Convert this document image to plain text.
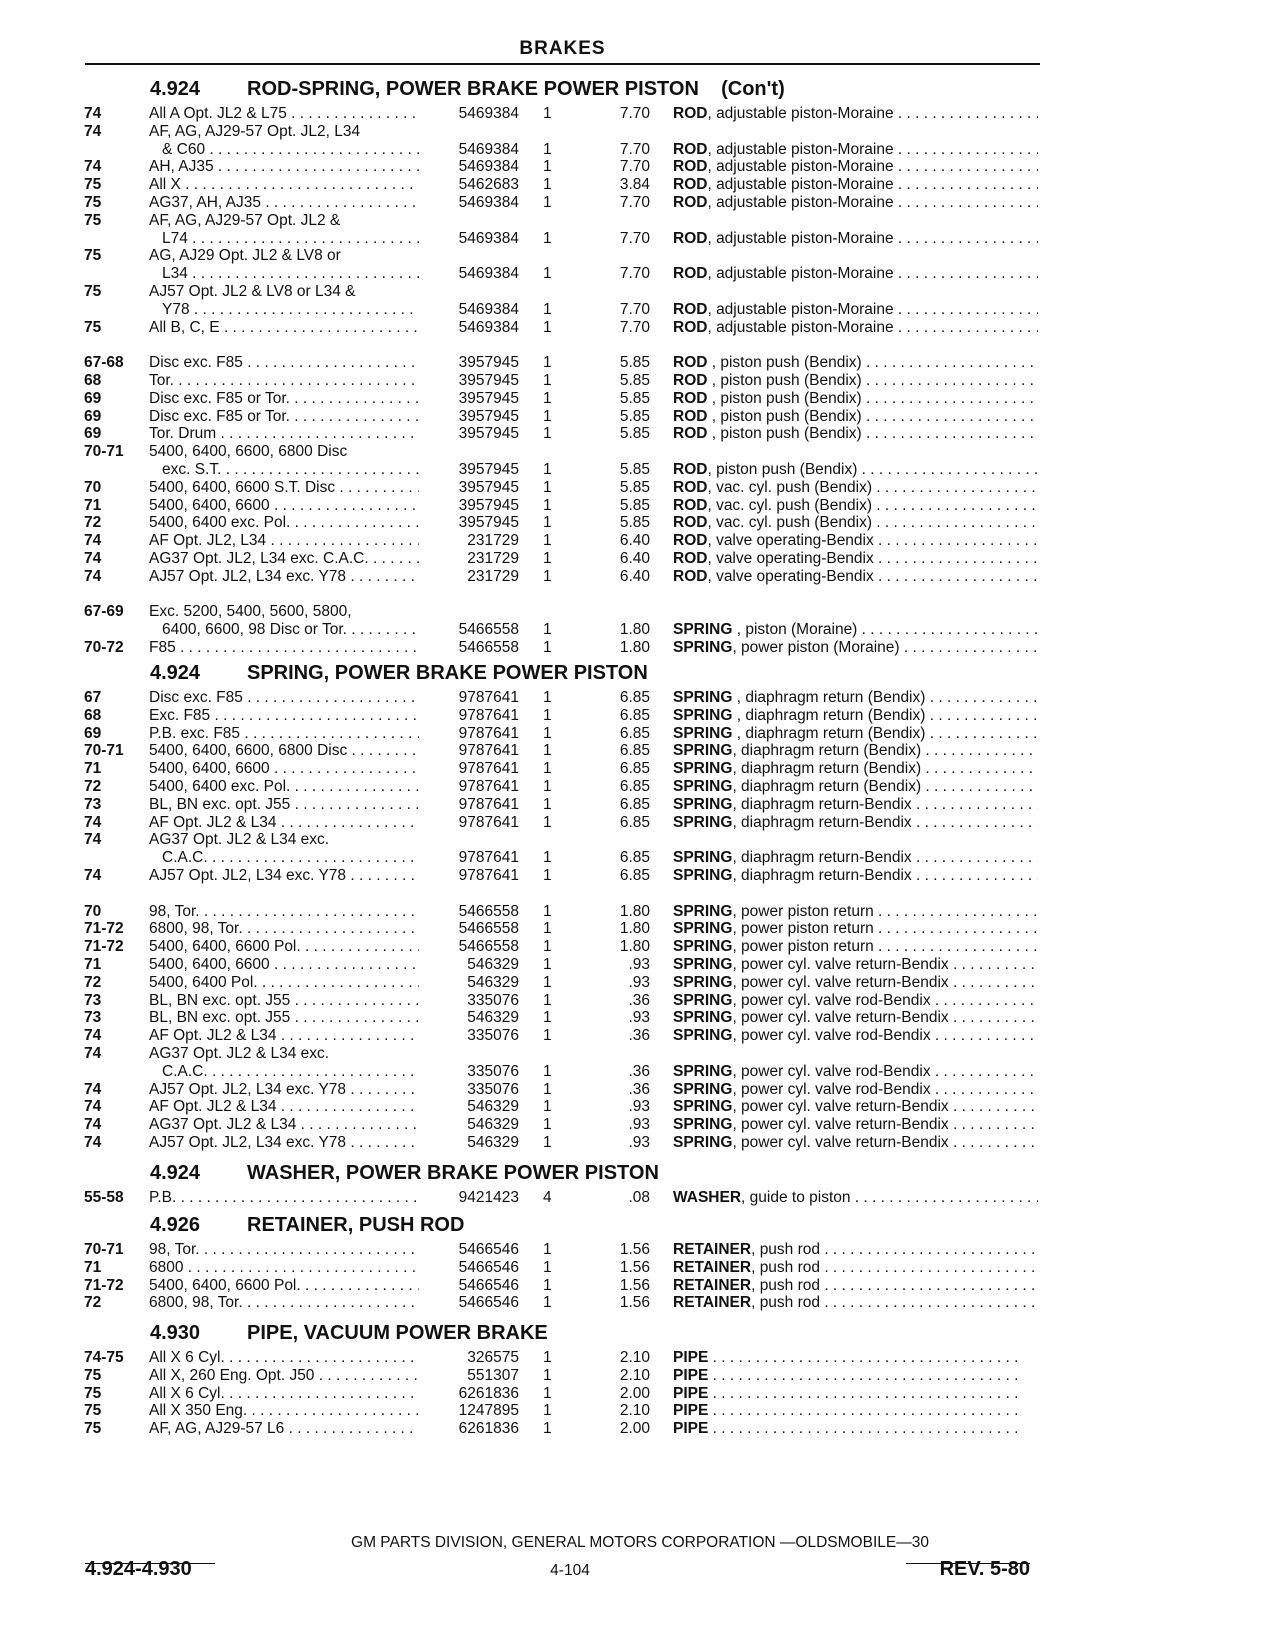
BRAKES
4.924 ROD-SPRING, POWER BRAKE POWER PISTON    (Con't)
74	All A Opt. JL2 & L75 . . .	5469384 1	7.70 ROD, adjustable piston-Moraine . . .
74	AF, AG, AJ29-57 Opt. JL2, L34
& C60 . . .	5469384 1	7.70 ROD, adjustable piston-Moraine . . .
74	AH, AJ35 . . .	5469384 1	7.70 ROD, adjustable piston-Moraine . . .
75	All X . . .	5462683 1	3.84 ROD, adjustable piston-Moraine . . .
75	AG37, AH, AJ35 . . .	5469384 1	7.70 ROD, adjustable piston-Moraine . . .
75	AF, AG, AJ29-57 Opt. JL2 &
L74 . . .	5469384 1	7.70 ROD, adjustable piston-Moraine . . .
75	AG, AJ29 Opt. JL2 & LV8 or
L34 . . .	5469384 1	7.70 ROD, adjustable piston-Moraine . . .
75	AJ57 Opt. JL2 & LV8 or L34 &
Y78 . . .	5469384 1	7.70 ROD, adjustable piston-Moraine . . .
75	All B, C, E . . .	5469384 1	7.70 ROD, adjustable piston-Moraine . . .
67-68 Disc exc. F85 . . .	3957945 1	5.85 ROD , piston push (Bendix) . . .
68	Tor. . . .	3957945 1	5.85 ROD , piston push (Bendix) . . .
69	Disc exc. F85 or Tor. . . .	3957945 1	5.85 ROD , piston push (Bendix) . . .
69	Disc exc. F85 or Tor. . . .	3957945 1	5.85 ROD , piston push (Bendix) . . .
69	Tor. Drum . . .	3957945 1	5.85 ROD , piston push (Bendix) . . .
70-71 5400, 6400, 6600, 6800 Disc
exc. S.T. . . .	3957945 1	5.85 ROD, piston push (Bendix) . . .
70	5400, 6400, 6600 S.T. Disc . . .	3957945 1	5.85 ROD, vac. cyl. push (Bendix) . . .
71	5400, 6400, 6600 . . .	3957945 1	5.85 ROD, vac. cyl. push (Bendix) . . .
72	5400, 6400 exc. Pol. . . .	3957945 1	5.85 ROD, vac. cyl. push (Bendix) . . .
74	AF Opt. JL2, L34 . . .	231729 1	6.40 ROD, valve operating-Bendix . . .
74	AG37 Opt. JL2, L34 exc. C.A.C. . . .	231729 1	6.40 ROD, valve operating-Bendix . . .
74	AJ57 Opt. JL2, L34 exc. Y78 . . .	231729 1	6.40 ROD, valve operating-Bendix . . .
67-69 Exc. 5200, 5400, 5600, 5800,
6400, 6600, 98 Disc or Tor. . . .	5466558 1	1.80 SPRING , piston (Moraine) . . .
70-72 F85 . . .	5466558 1	1.80 SPRING, power piston (Moraine) . . .
4.924 SPRING, POWER BRAKE POWER PISTON
67	Disc exc. F85 . . .	9787641 1	6.85 SPRING , diaphragm return (Bendix) . . .
68	Exc. F85 . . .	9787641 1	6.85 SPRING , diaphragm return (Bendix) . . .
69	P.B. exc. F85 . . .	9787641 1	6.85 SPRING , diaphragm return (Bendix) . . .
70-71 5400, 6400, 6600, 6800 Disc . . .	9787641 1	6.85 SPRING, diaphragm return (Bendix) . . .
71	5400, 6400, 6600 . . .	9787641 1	6.85 SPRING, diaphragm return (Bendix) . . .
72	5400, 6400 exc. Pol. . . .	9787641 1	6.85 SPRING, diaphragm return (Bendix) . . .
73	BL, BN exc. opt. J55 . . .	9787641 1	6.85 SPRING, diaphragm return-Bendix . . .
74	AF Opt. JL2 & L34 . . .	9787641 1	6.85 SPRING, diaphragm return-Bendix . . .
74	AG37 Opt. JL2 & L34 exc.
C.A.C. . . .	9787641 1	6.85 SPRING, diaphragm return-Bendix . . .
74	AJ57 Opt. JL2, L34 exc. Y78 . . .	9787641 1	6.85 SPRING, diaphragm return-Bendix . . .
70	98, Tor. . . .	5466558 1	1.80 SPRING, power piston return . . .
71-72 6800, 98, Tor. . . .	5466558 1	1.80 SPRING, power piston return . . .
71-72 5400, 6400, 6600 Pol. . . .	5466558 1	1.80 SPRING, power piston return . . .
71	5400, 6400, 6600 . . .	546329 1	.93 SPRING, power cyl. valve return-Bendix . . .
72	5400, 6400 Pol. . . .	546329 1	.93 SPRING, power cyl. valve return-Bendix . . .
73	BL, BN exc. opt. J55 . . .	335076 1	.36 SPRING, power cyl. valve rod-Bendix . . .
73	BL, BN exc. opt. J55 . . .	546329 1	.93 SPRING, power cyl. valve return-Bendix . . .
74	AF Opt. JL2 & L34 . . .	335076 1	.36 SPRING, power cyl. valve rod-Bendix . . .
74	AG37 Opt. JL2 & L34 exc.
C.A.C. . . .	335076 1	.36 SPRING, power cyl. valve rod-Bendix . . .
74	AJ57 Opt. JL2, L34 exc. Y78 . . .	335076 1	.36 SPRING, power cyl. valve rod-Bendix . . .
74	AF Opt. JL2 & L34 . . .	546329 1	.93 SPRING, power cyl. valve return-Bendix . . .
74	AG37 Opt. JL2 & L34 . . .	546329 1	.93 SPRING, power cyl. valve return-Bendix . . .
74	AJ57 Opt. JL2, L34 exc. Y78 . . .	546329 1	.93 SPRING, power cyl. valve return-Bendix . . .
4.924 WASHER, POWER BRAKE POWER PISTON
55-58 P.B. . . .	9421423 4	.08 WASHER, guide to piston . . .
4.926 RETAINER, PUSH ROD
70-71 98, Tor. . . .	5466546 1	1.56 RETAINER, push rod . . .
71	6800 . . .	5466546 1	1.56 RETAINER, push rod . . .
71-72 5400, 6400, 6600 Pol. . . .	5466546 1	1.56 RETAINER, push rod . . .
72	6800, 98, Tor. . . .	5466546 1	1.56 RETAINER, push rod . . .
4.930 PIPE, VACUUM POWER BRAKE
74-75 All X 6 Cyl. . . .	326575 1	2.10 PIPE . . .
75	All X, 260 Eng. Opt. J50 . . .	551307 1	2.10 PIPE . . .
75	All X 6 Cyl. . . .	6261836 1	2.00 PIPE . . .
75	All X 350 Eng. . . .	1247895 1	2.10 PIPE . . .
75	AF, AG, AJ29-57 L6 . . .	6261836 1	2.00 PIPE . . .
GM PARTS DIVISION, GENERAL MOTORS CORPORATION —OLDSMOBILE—30
4.924-4.930	4-104	REV. 5-80
